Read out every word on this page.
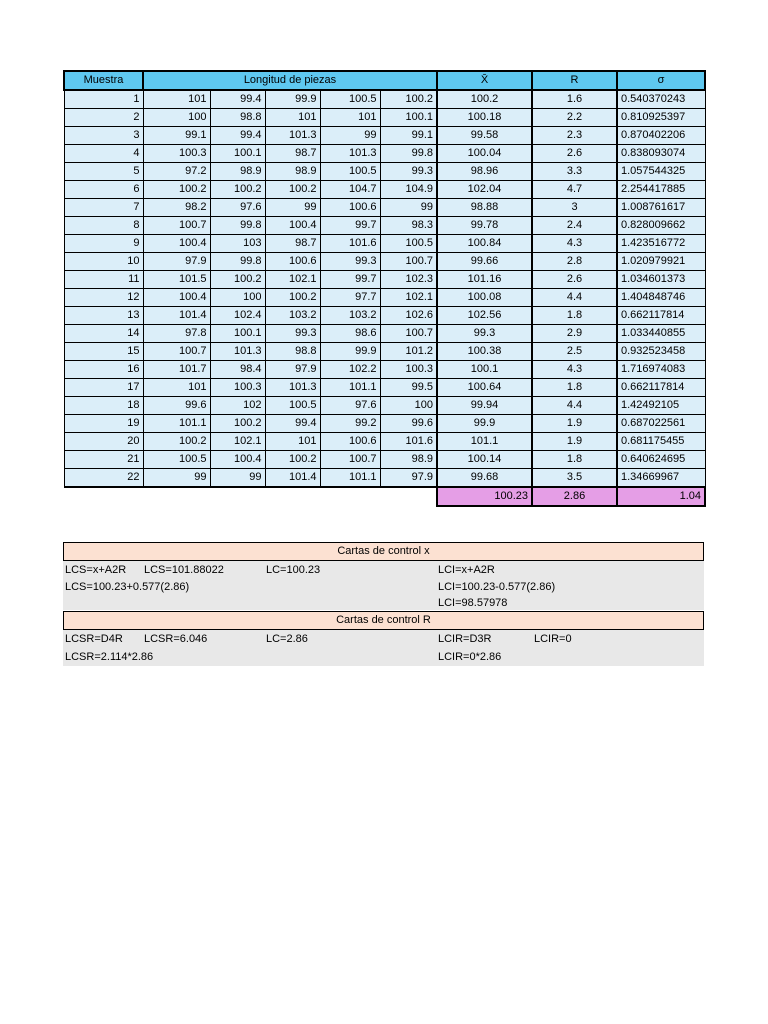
Muestra	Longitud de piezas					X̄	R	σ
1	101	99.4	99.9	100.5	100.2	100.2	1.6	0.540370243
2	100	98.8	101	101	100.1	100.18	2.2	0.810925397
3	99.1	99.4	101.3	99	99.1	99.58	2.3	0.870402206
4	100.3	100.1	98.7	101.3	99.8	100.04	2.6	0.838093074
5	97.2	98.9	98.9	100.5	99.3	98.96	3.3	1.057544325
6	100.2	100.2	100.2	104.7	104.9	102.04	4.7	2.254417885
7	98.2	97.6	99	100.6	99	98.88	3	1.008761617
8	100.7	99.8	100.4	99.7	98.3	99.78	2.4	0.828009662
9	100.4	103	98.7	101.6	100.5	100.84	4.3	1.423516772
10	97.9	99.8	100.6	99.3	100.7	99.66	2.8	1.020979921
11	101.5	100.2	102.1	99.7	102.3	101.16	2.6	1.034601373
12	100.4	100	100.2	97.7	102.1	100.08	4.4	1.404848746
13	101.4	102.4	103.2	103.2	102.6	102.56	1.8	0.662117814
14	97.8	100.1	99.3	98.6	100.7	99.3	2.9	1.033440855
15	100.7	101.3	98.8	99.9	101.2	100.38	2.5	0.932523458
16	101.7	98.4	97.9	102.2	100.3	100.1	4.3	1.716974083
17	101	100.3	101.3	101.1	99.5	100.64	1.8	0.662117814
18	99.6	102	100.5	97.6	100	99.94	4.4	1.42492105
19	101.1	100.2	99.4	99.2	99.6	99.9	1.9	0.687022561
20	100.2	102.1	101	100.6	101.6	101.1	1.9	0.681175455
21	100.5	100.4	100.2	100.7	98.9	100.14	1.8	0.640624695
22	99	99	101.4	101.1	97.9	99.68	3.5	1.34669967
						100.23	2.86	1.04
Cartas de control x
LCS=x+A2R LCS=101.88022	LC=100.23	LCI=x+A2R
LCS=100.23+0.577(2.86)	LCI=100.23-0.577(2.86)
LCI=98.57978
Cartas de control R
LCSR=D4R LCSR=6.046	LC=2.86	LCIR=D3R	LCIR=0
LCSR=2.114*2.86	LCIR=0*2.86
